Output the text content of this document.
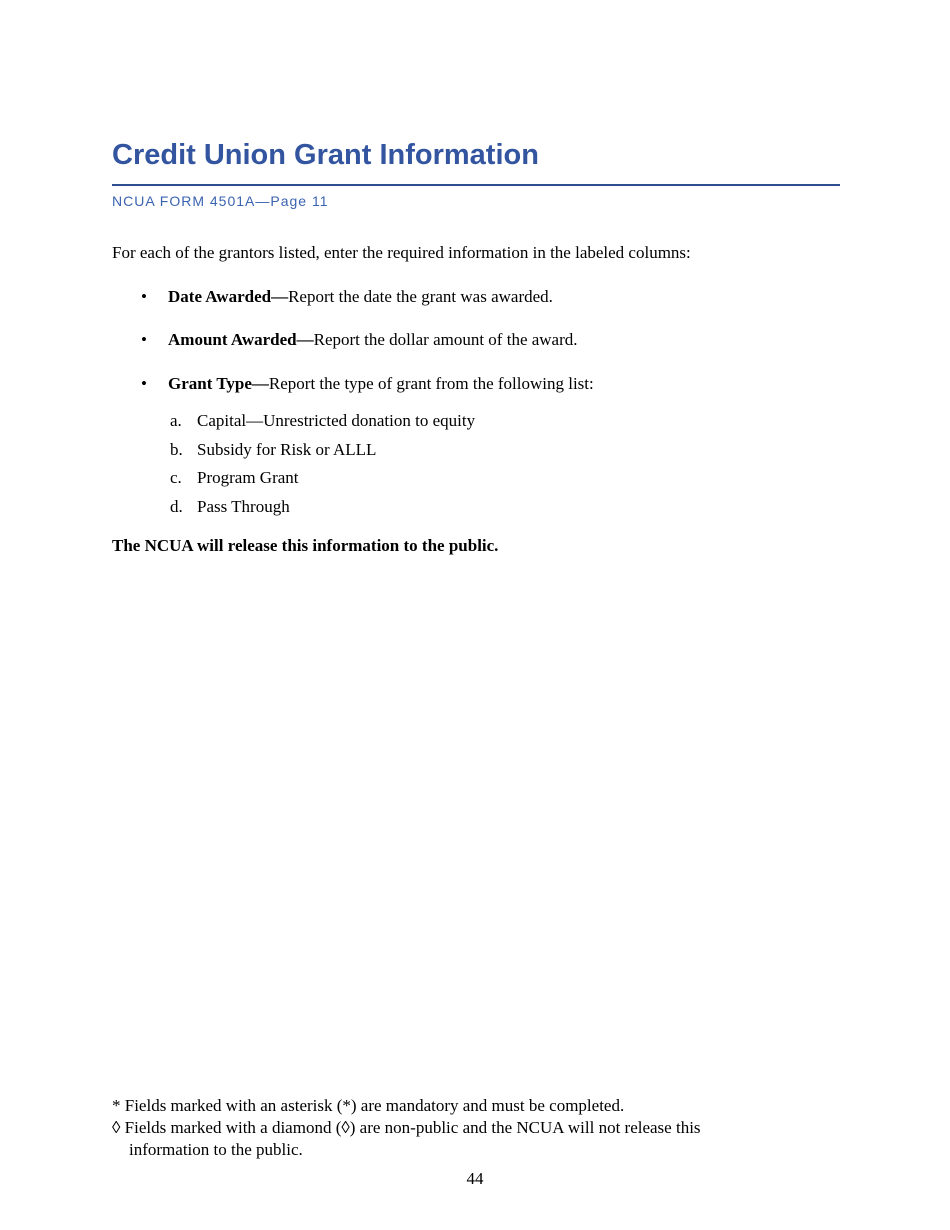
Credit Union Grant Information
NCUA FORM 4501A—Page 11
For each of the grantors listed, enter the required information in the labeled columns:
• Date Awarded—Report the date the grant was awarded.
• Amount Awarded—Report the dollar amount of the award.
• Grant Type—Report the type of grant from the following list:
a. Capital—Unrestricted donation to equity
b. Subsidy for Risk or ALLL
c. Program Grant
d. Pass Through
The NCUA will release this information to the public.
* Fields marked with an asterisk (*) are mandatory and must be completed.
◊ Fields marked with a diamond (◊) are non-public and the NCUA will not release this
information to the public.
44
